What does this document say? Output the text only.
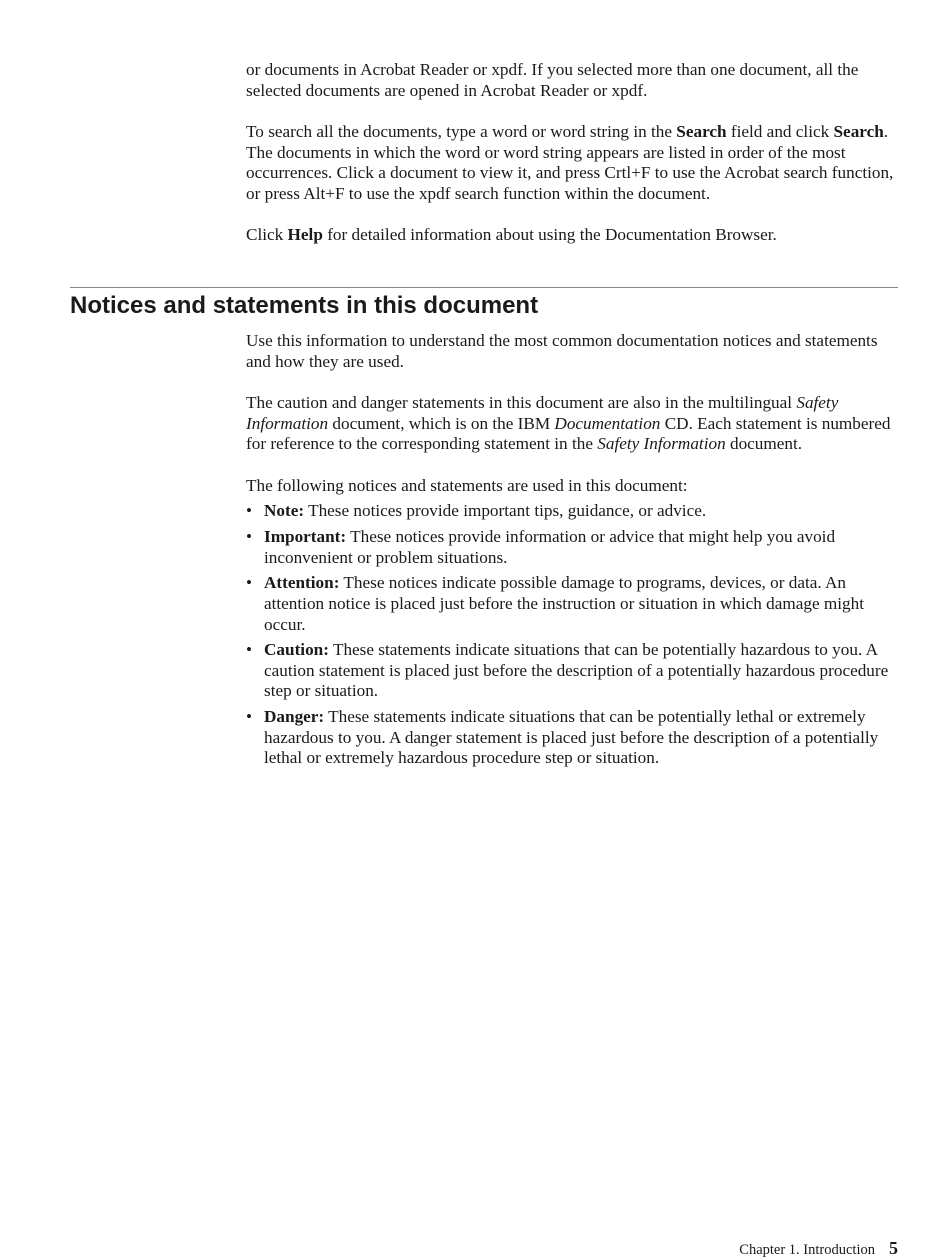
or documents in Acrobat Reader or xpdf. If you selected more than one document, all the selected documents are opened in Acrobat Reader or xpdf.

To search all the documents, type a word or word string in the Search field and click Search. The documents in which the word or word string appears are listed in order of the most occurrences. Click a document to view it, and press Crtl+F to use the Acrobat search function, or press Alt+F to use the xpdf search function within the document.

Click Help for detailed information about using the Documentation Browser.

Notices and statements in this document

Use this information to understand the most common documentation notices and statements and how they are used.

The caution and danger statements in this document are also in the multilingual Safety Information document, which is on the IBM Documentation CD. Each statement is numbered for reference to the corresponding statement in the Safety Information document.

The following notices and statements are used in this document:

• Note: These notices provide important tips, guidance, or advice.
• Important: These notices provide information or advice that might help you avoid inconvenient or problem situations.
• Attention: These notices indicate possible damage to programs, devices, or data. An attention notice is placed just before the instruction or situation in which damage might occur.
• Caution: These statements indicate situations that can be potentially hazardous to you. A caution statement is placed just before the description of a potentially hazardous procedure step or situation.
• Danger: These statements indicate situations that can be potentially lethal or extremely hazardous to you. A danger statement is placed just before the description of a potentially lethal or extremely hazardous procedure step or situation.
Chapter 1. Introduction 5
